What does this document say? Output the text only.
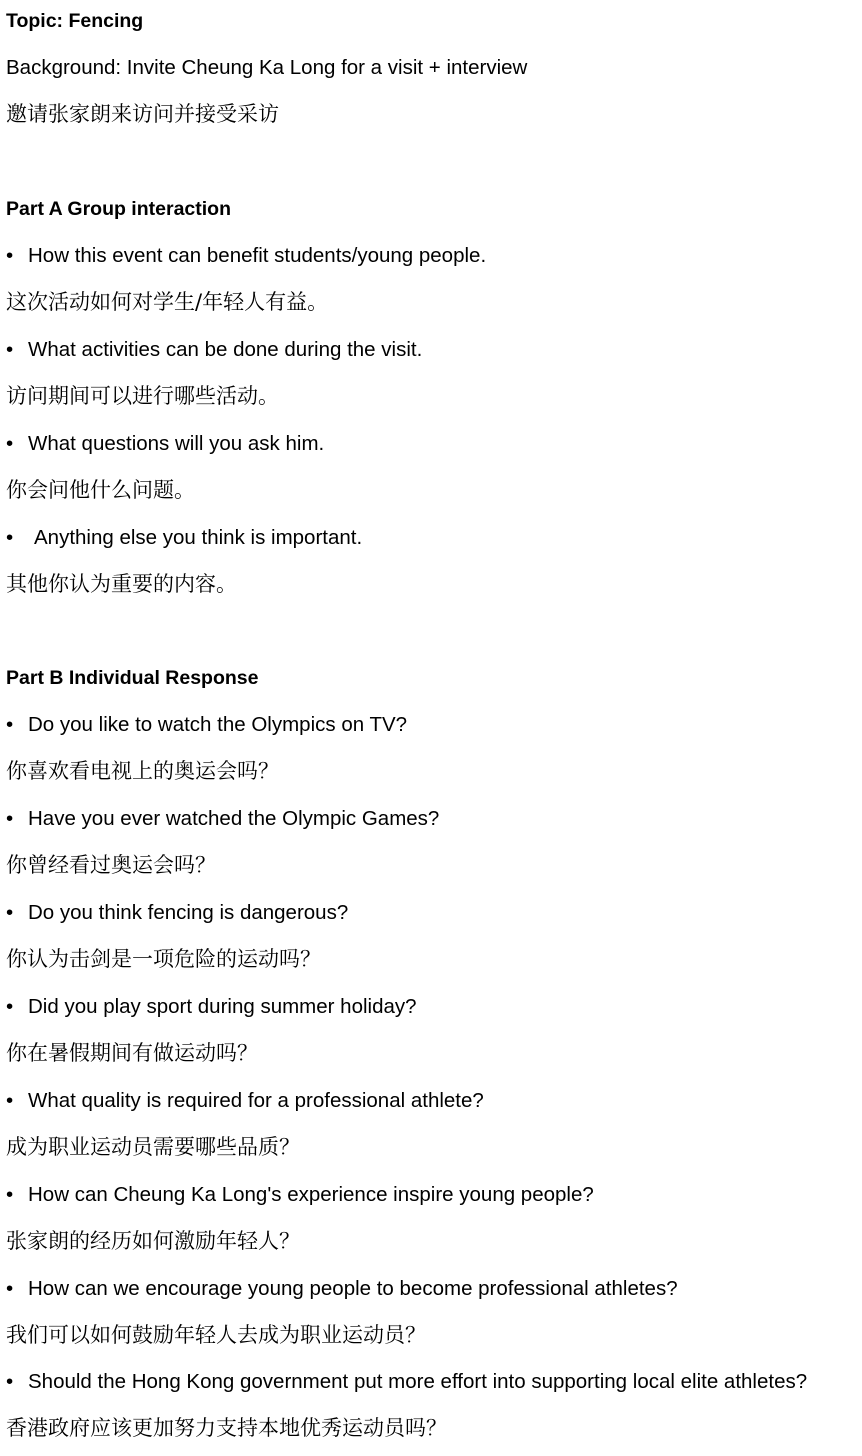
Topic: Fencing
Background: Invite Cheung Ka Long for a visit + interview
邀请张家朗来访问并接受采访
Part A Group interaction
• How this event can benefit students/young people.
这次活动如何对学生/年轻人有益。
• What activities can be done during the visit.
访问期间可以进行哪些活动。
• What questions will you ask him.
你会问他什么问题。
• Anything else you think is important.
其他你认为重要的内容。
Part B Individual Response
• Do you like to watch the Olympics on TV?
你喜欢看电视上的奥运会吗？
• Have you ever watched the Olympic Games?
你曾经看过奥运会吗？
• Do you think fencing is dangerous?
你认为击剑是一项危险的运动吗？
• Did you play sport during summer holiday?
你在暑假期间有做运动吗？
• What quality is required for a professional athlete?
成为职业运动员需要哪些品质？
• How can Cheung Ka Long's experience inspire young people?
张家朗的经历如何激励年轻人？
• How can we encourage young people to become professional athletes?
我们可以如何鼓励年轻人去成为职业运动员？
• Should the Hong Kong government put more effort into supporting local elite athletes?
香港政府应该更加努力支持本地优秀运动员吗？
